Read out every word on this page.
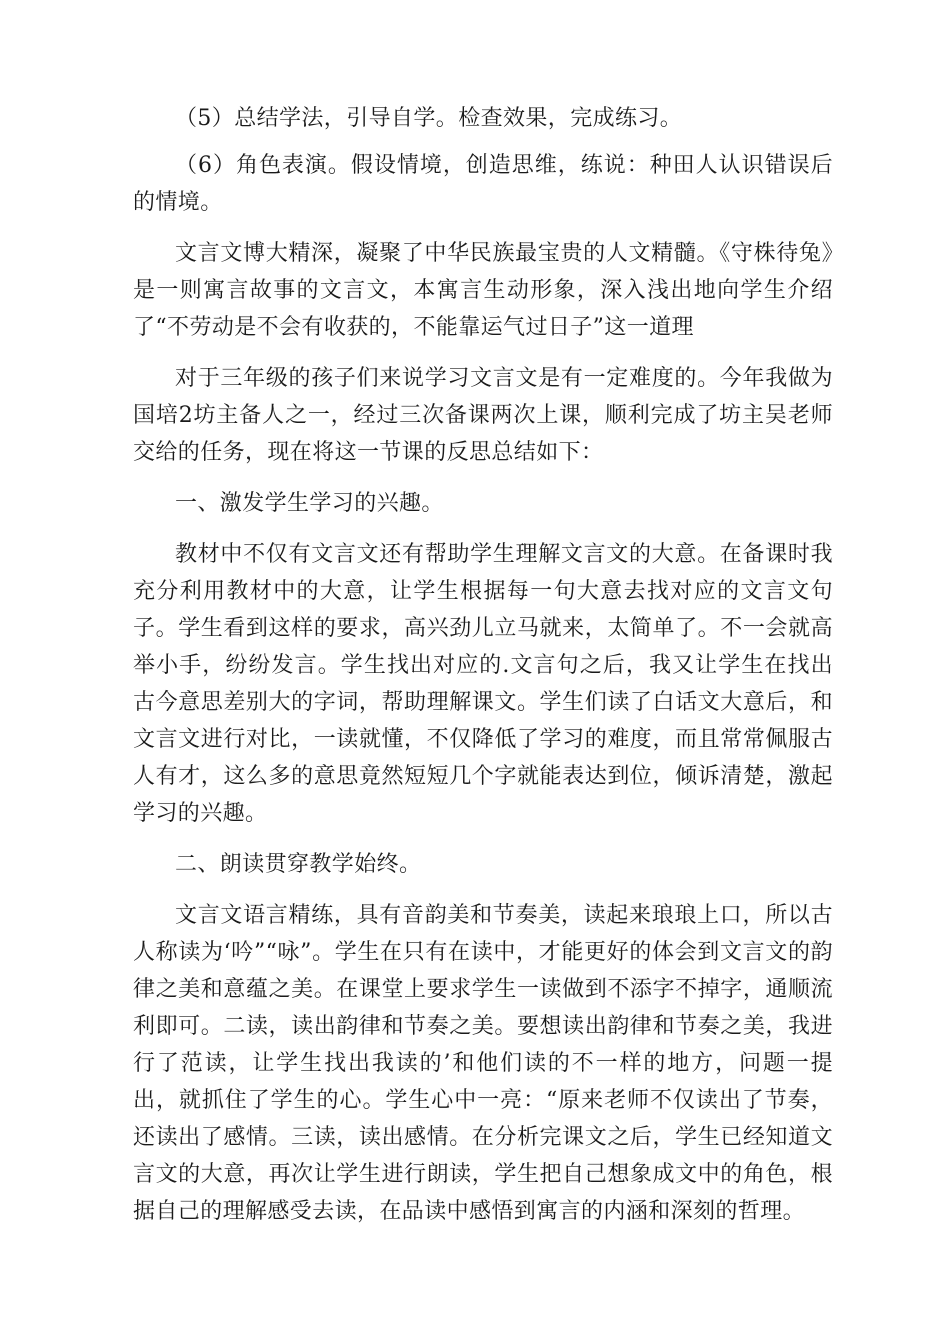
（5）总结学法，引导自学。检查效果，完成练习。

（6）角色表演。假设情境，创造思维，练说：种田人认识错误后的情境。

文言文博大精深，凝聚了中华民族最宝贵的人文精髓。《守株待兔》是一则寓言故事的文言文，本寓言生动形象，深入浅出地向学生介绍了“不劳动是不会有收获的，不能靠运气过日子”这一道理

对于三年级的孩子们来说学习文言文是有一定难度的。今年我做为国培2坊主备人之一，经过三次备课两次上课，顺利完成了坊主吴老师交给的任务，现在将这一节课的反思总结如下：

一、激发学生学习的兴趣。

教材中不仅有文言文还有帮助学生理解文言文的大意。在备课时我充分利用教材中的大意，让学生根据每一句大意去找对应的文言文句子。学生看到这样的要求，高兴劲儿立马就来，太简单了。不一会就高举小手，纷纷发言。学生找出对应的.文言句之后，我又让学生在找出古今意思差别大的字词，帮助理解课文。学生们读了白话文大意后，和文言文进行对比，一读就懂，不仅降低了学习的难度，而且常常佩服古人有才，这么多的意思竟然短短几个字就能表达到位，倾诉清楚，激起学习的兴趣。

二、朗读贯穿教学始终。

文言文语言精练，具有音韵美和节奏美，读起来琅琅上口，所以古人称读为‘吟”“咏”。学生在只有在读中，才能更好的体会到文言文的韵律之美和意蕴之美。在课堂上要求学生一读做到不添字不掉字，通顺流利即可。二读，读出韵律和节奏之美。要想读出韵律和节奏之美，我进行了范读，让学生找出我读的’和他们读的不一样的地方，问题一提出，就抓住了学生的心。学生心中一亮：“原来老师不仅读出了节奏，还读出了感情。三读，读出感情。在分析完课文之后，学生已经知道文言文的大意，再次让学生进行朗读，学生把自己想象成文中的角色，根据自己的理解感受去读，在品读中感悟到寓言的内涵和深刻的哲理。
